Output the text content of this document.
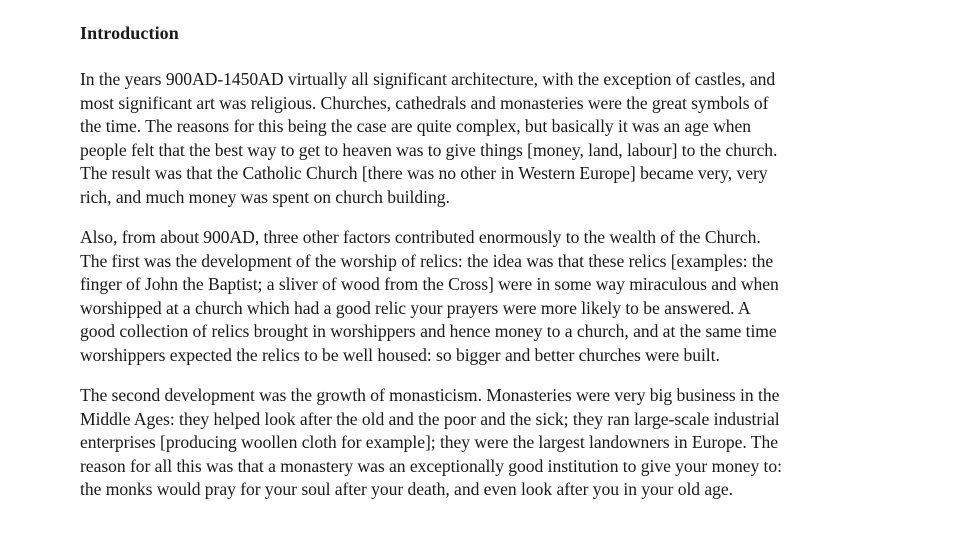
Introduction
In the years 900AD-1450AD virtually all significant architecture, with the exception of castles, and
most significant art was religious. Churches, cathedrals and monasteries were the great symbols of
the time. The reasons for this being the case are quite complex, but basically it was an age when
people felt that the best way to get to heaven was to give things [money, land, labour] to the church.
The result was that the Catholic Church [there was no other in Western Europe] became very, very
rich, and much money was spent on church building.
Also, from about 900AD, three other factors contributed enormously to the wealth of the Church.
The first was the development of the worship of relics: the idea was that these relics [examples: the
finger of John the Baptist; a sliver of wood from the Cross] were in some way miraculous and when
worshipped at a church which had a good relic your prayers were more likely to be answered. A
good collection of relics brought in worshippers and hence money to a church, and at the same time
worshippers expected the relics to be well housed: so bigger and better churches were built.
The second development was the growth of monasticism. Monasteries were very big business in the
Middle Ages: they helped look after the old and the poor and the sick; they ran large-scale industrial
enterprises [producing woollen cloth for example]; they were the largest landowners in Europe. The
reason for all this was that a monastery was an exceptionally good institution to give your money to:
the monks would pray for your soul after your death, and even look after you in your old age.
